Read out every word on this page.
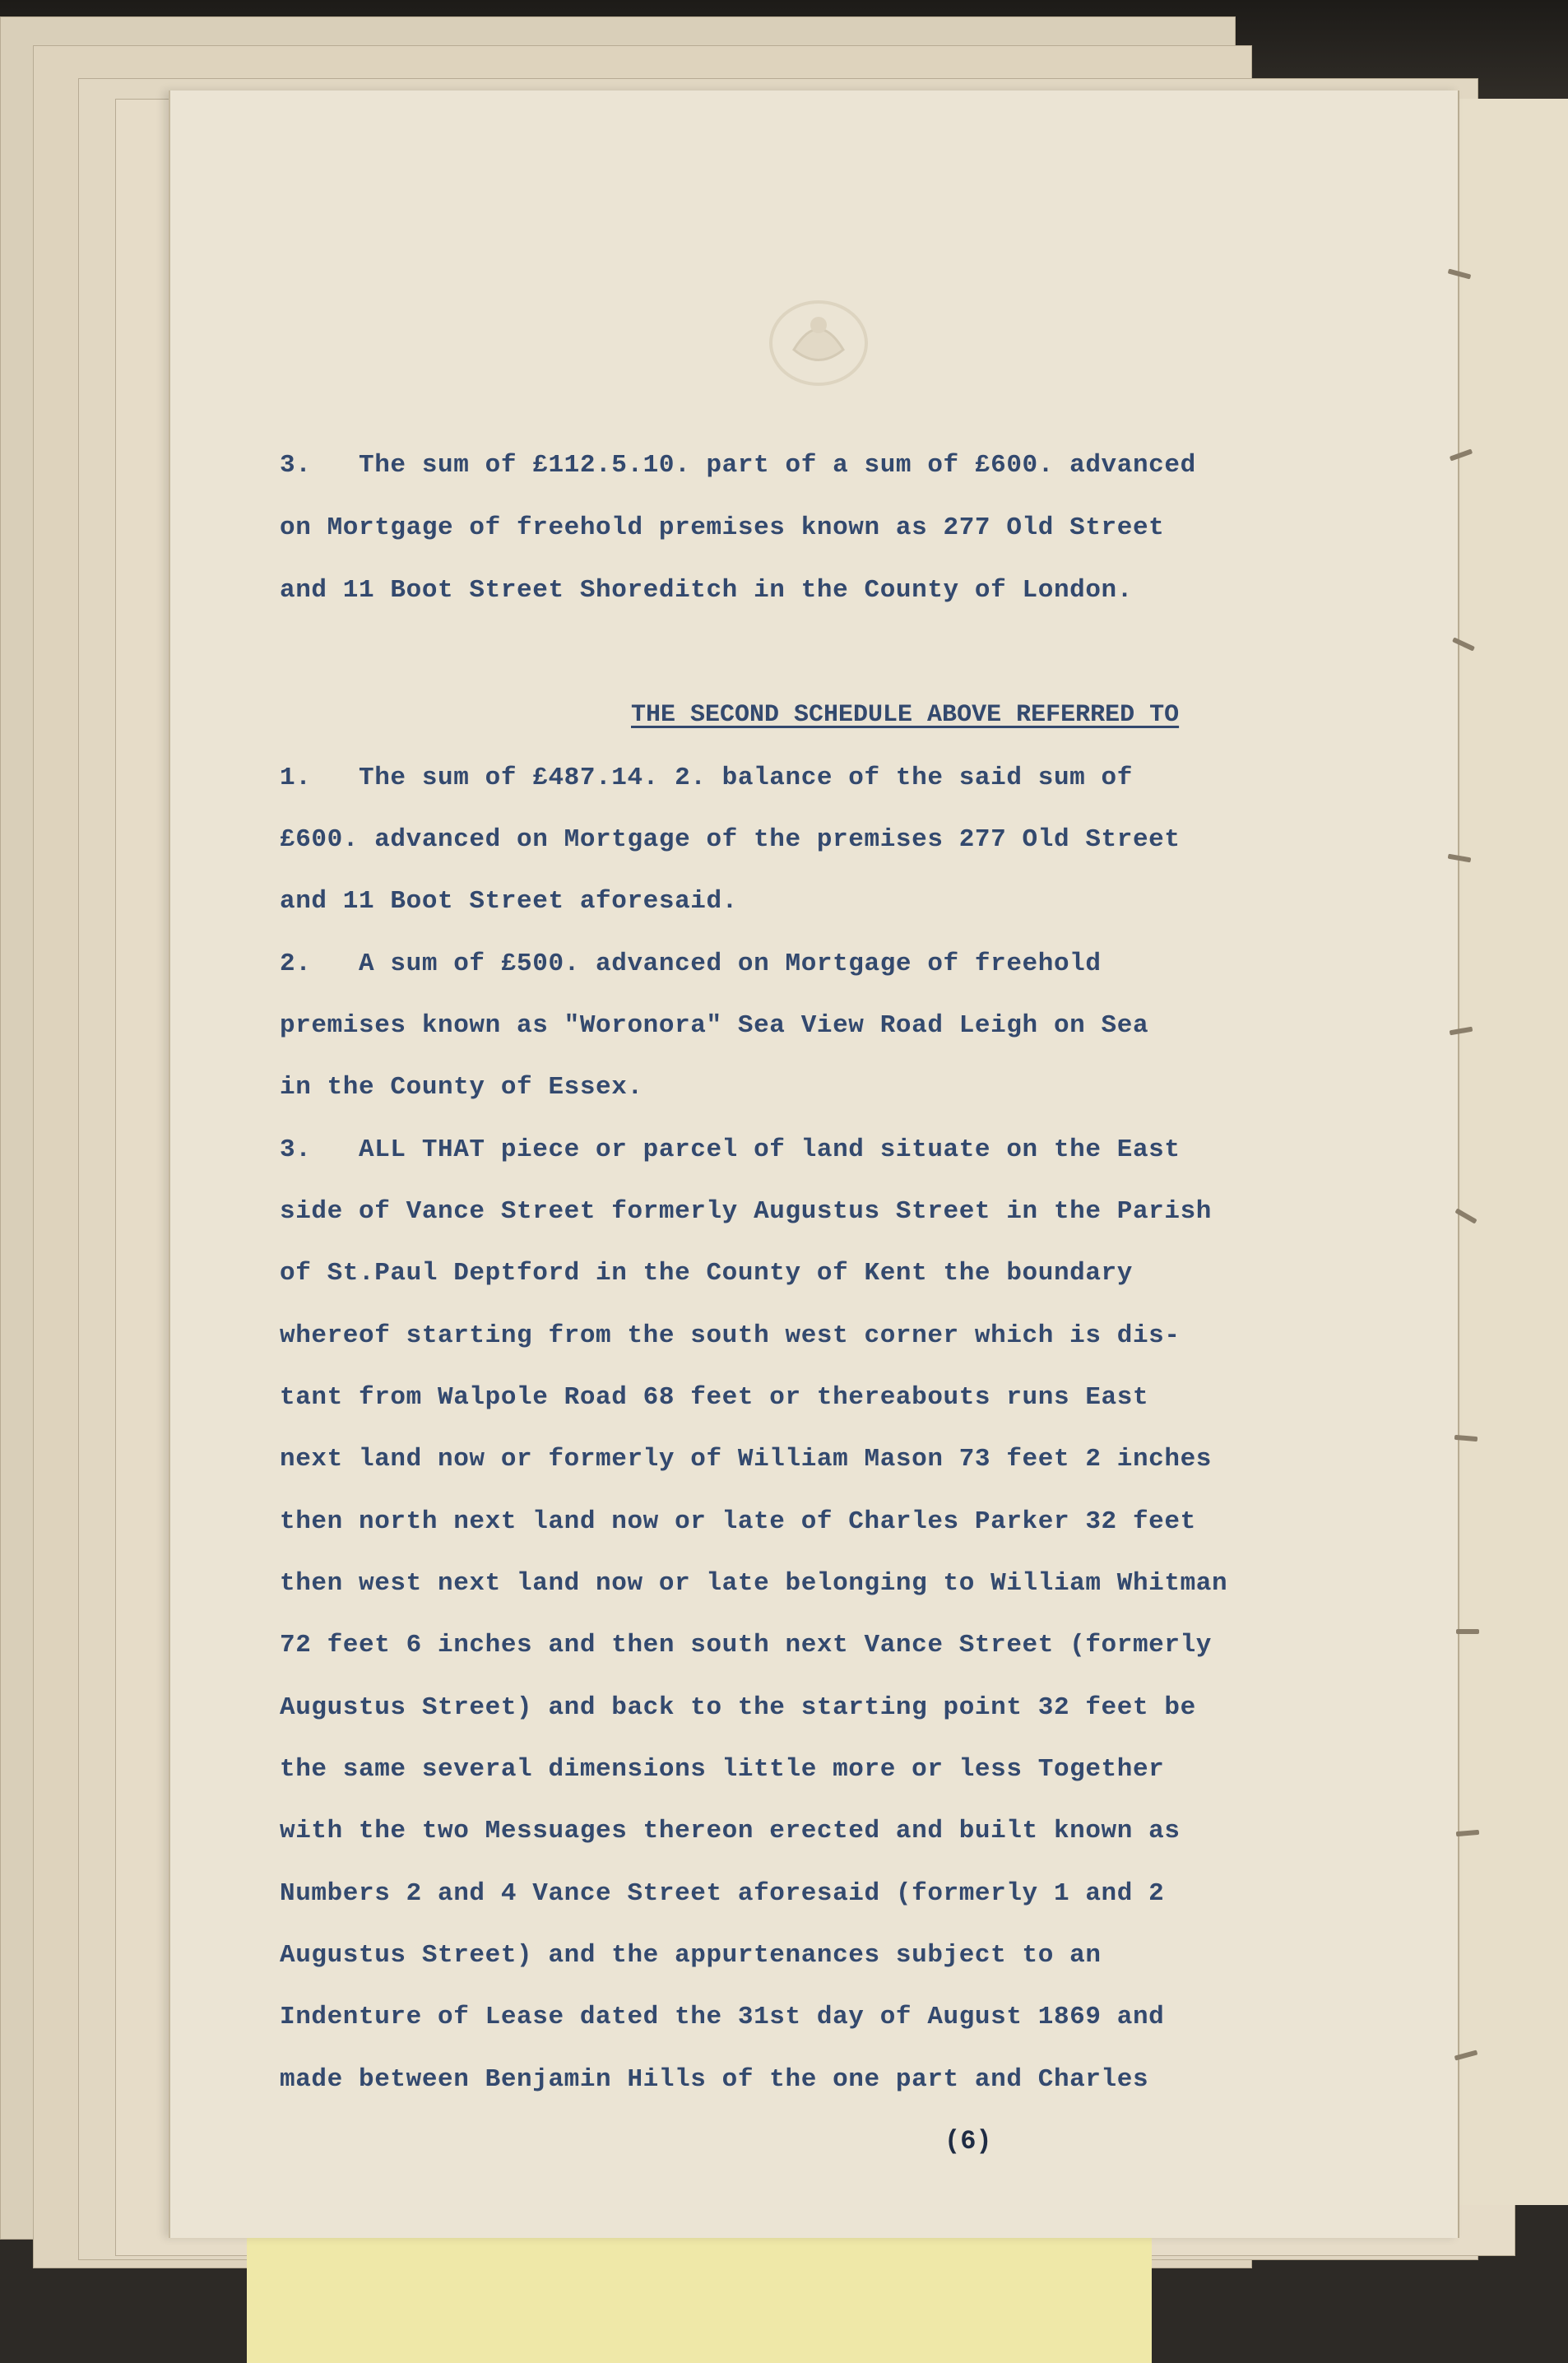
3.   The sum of £112.5.10. part of a sum of £600. advanced

on Mortgage of freehold premises known as 277 Old Street

and 11 Boot Street Shoreditch in the County of London.

THE SECOND SCHEDULE ABOVE REFERRED TO

1.   The sum of £487.14. 2. balance of the said sum of

£600. advanced on Mortgage of the premises 277 Old Street

and 11 Boot Street aforesaid.

2.   A sum of £500. advanced on Mortgage of freehold

premises known as "Woronora" Sea View Road Leigh on Sea

in the County of Essex.

3.   ALL THAT piece or parcel of land situate on the East

side of Vance Street formerly Augustus Street in the Parish

of St.Paul Deptford in the County of Kent the boundary

whereof starting from the south west corner which is dis-

tant from Walpole Road 68 feet or thereabouts runs East

next land now or formerly of William Mason 73 feet 2 inches

then north next land now or late of Charles Parker 32 feet

then west next land now or late belonging to William Whitman

72 feet 6 inches and then south next Vance Street (formerly

Augustus Street) and back to the starting point 32 feet be

the same several dimensions little more or less Together

with the two Messuages thereon erected and built known as

Numbers 2 and 4 Vance Street aforesaid (formerly 1 and 2

Augustus Street) and the appurtenances subject to an

Indenture of Lease dated the 31st day of August 1869 and

made between Benjamin Hills of the one part and Charles

(6)
